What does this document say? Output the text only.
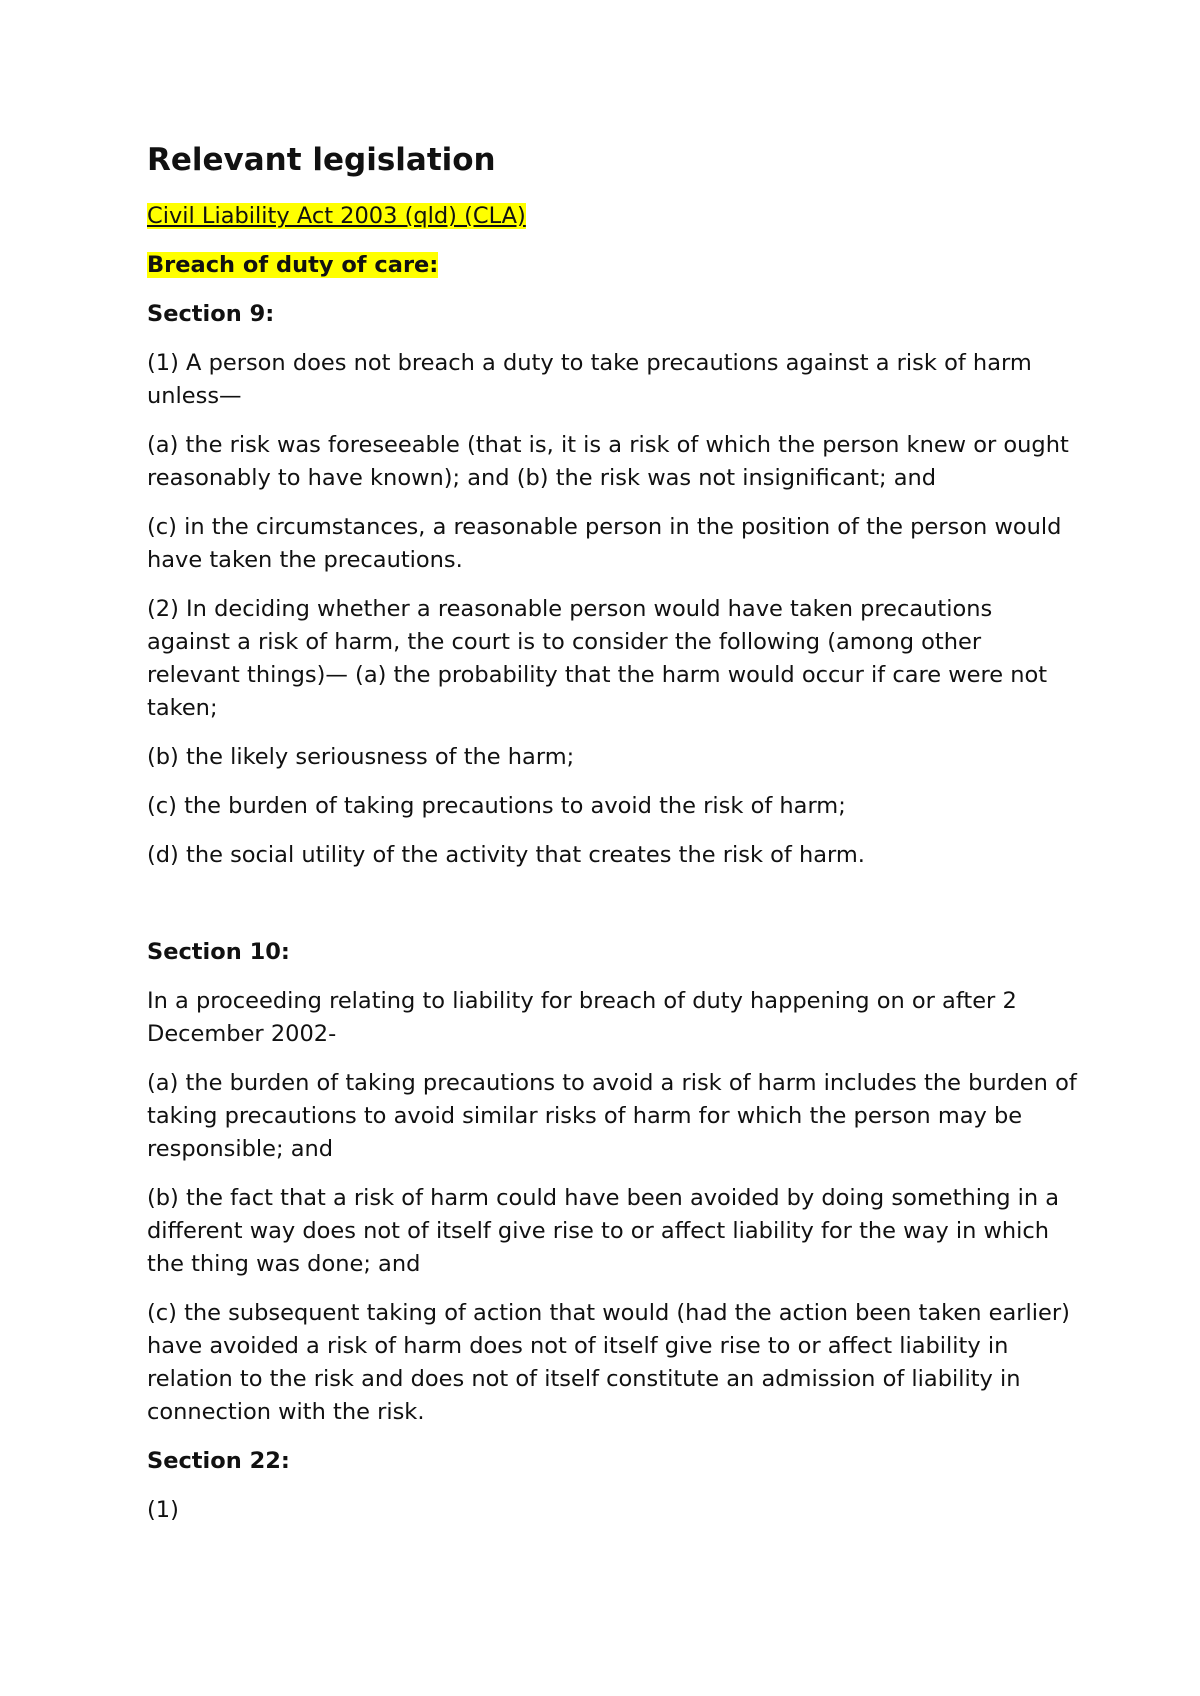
Relevant legislation

Civil Liability Act 2003 (qld) (CLA)

Breach of duty of care:

Section 9:

(1) A person does not breach a duty to take precautions against a risk of harm unless—

(a) the risk was foreseeable (that is, it is a risk of which the person knew or ought reasonably to have known); and (b) the risk was not insignificant; and

(c) in the circumstances, a reasonable person in the position of the person would have taken the precautions.

(2) In deciding whether a reasonable person would have taken precautions against a risk of harm, the court is to consider the following (among other relevant things)— (a) the probability that the harm would occur if care were not taken;

(b) the likely seriousness of the harm;

(c) the burden of taking precautions to avoid the risk of harm;

(d) the social utility of the activity that creates the risk of harm.

Section 10:

In a proceeding relating to liability for breach of duty happening on or after 2 December 2002-

(a) the burden of taking precautions to avoid a risk of harm includes the burden of taking precautions to avoid similar risks of harm for which the person may be responsible; and

(b) the fact that a risk of harm could have been avoided by doing something in a different way does not of itself give rise to or affect liability for the way in which the thing was done; and

(c) the subsequent taking of action that would (had the action been taken earlier) have avoided a risk of harm does not of itself give rise to or affect liability in relation to the risk and does not of itself constitute an admission of liability in connection with the risk.

Section 22:

(1)
